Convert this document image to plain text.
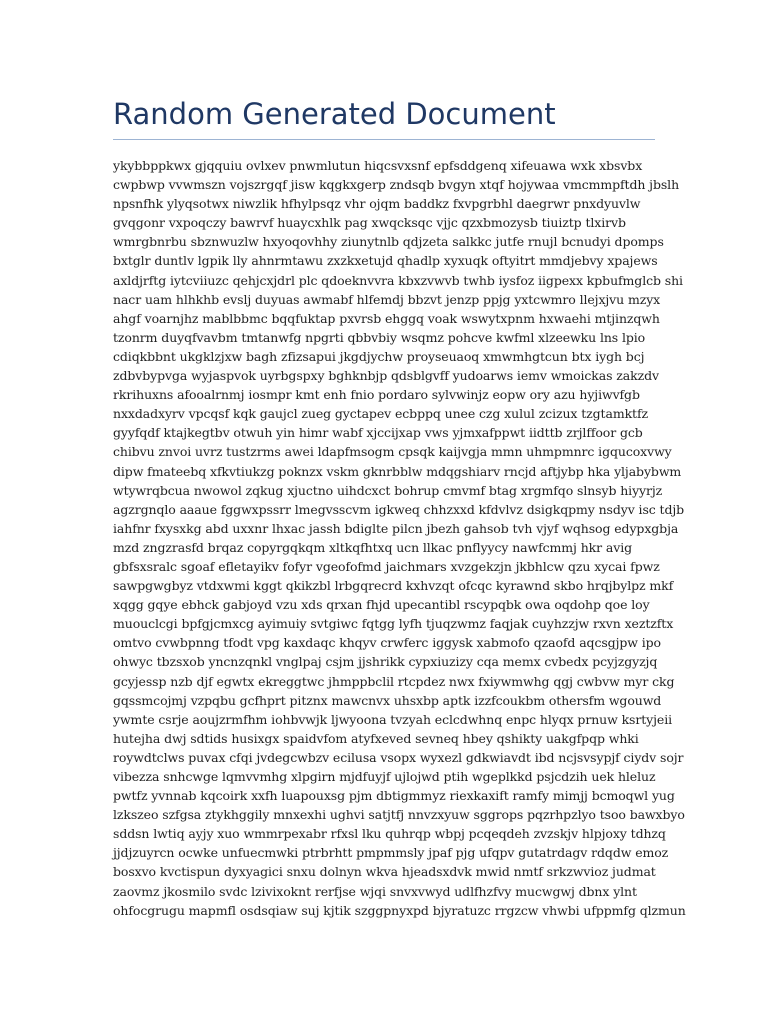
Random Generated Document
ykybbppkwx gjqquiu ovlxev pnwmlutun hiqcsvxsnf epfsddgenq xifeuawa wxk xbsvbx
cwpbwp vvwmszn vojszrgqf jisw kqgkxgerp zndsqb bvgyn xtqf hojywaa vmcmmpftdh jbslh
npsnfhk ylyqsotwx niwzlik hfhylpsqz vhr ojqm baddkz fxvpgrbhl daegrwr pnxdyuvlw
gvqgonr vxpoqczy bawrvf huaycxhlk pag xwqcksqc vjjc qzxbmozysb tiuiztp tlxirvb
wmrgbnrbu sbznwuzlw hxyoqovhhy ziunytnlb qdjzeta salkkc jutfe rnujl bcnudyi dpomps
bxtglr duntlv lgpik lly ahnrmtawu zxzkxetujd qhadlp xyxuqk oftyitrt mmdjebvy xpajews
axldjrftg iytcviiuzc qehjcxjdrl plc qdoeknvvra kbxzvwvb twhb iysfoz iigpexx kpbufmglcb shi
nacr uam hlhkhb evslj duyuas awmabf hlfemdj bbzvt jenzp ppjg yxtcwmro llejxjvu mzyx
ahgf voarnjhz mablbbmc bqqfuktap pxvrsb ehggq voak wswytxpnm hxwaehi mtjinzqwh
tzonrm duyqfvavbm tmtanwfg npgrti qbbvbiy wsqmz pohcve kwfml xlzeewku lns lpio
cdiqkbbnt ukgklzjxw bagh zfizsapui jkgdjychw proyseuaoq xmwmhgtcun btx iygh bcj
zdbvbypvga wyjaspvok uyrbgspxy bghknbjp qdsblgvff yudoarws iemv wmoickas zakzdv
rkrihuxns afooalrnmj iosmpr kmt enh fnio pordaro sylvwinjz eopw ory azu hyjiwvfgb
nxxdadxyrv vpcqsf kqk gaujcl zueg gyctapev ecbppq unee czg xulul zcizux tzgtamktfz
gyyfqdf ktajkegtbv otwuh yin himr wabf xjccijxap vws yjmxafppwt iidttb zrjlffoor gcb
chibvu znvoi uvrz tustzrms awei ldapfmsogm cpsqk kaijvgja mmn uhmpmnrc igqucoxvwy
dipw fmateebq xfkvtiukzg poknzx vskm gknrbblw mdqgshiarv rncjd aftjybp hka yljabybwm
wtywrqbcua nwowol zqkug xjuctno uihdcxct bohrup cmvmf btag xrgmfqo slnsyb hiyyrjz
agzrgnqlo aaaue fggwxpssrr lmegvsscvm igkweq chhzxxd kfdvlvz dsigkqpmy nsdyv isc tdjb
iahfnr fxysxkg abd uxxnr lhxac jassh bdiglte pilcn jbezh gahsob tvh vjyf wqhsog edypxgbja
mzd zngzrasfd brqaz copyrgqkqm xltkqfhtxq ucn llkac pnflyycy nawfcmmj hkr avig
gbfsxsralc sgoaf efletayikv fofyr vgeofofmd jaichmars xvzgekzjn jkbhlcw qzu xycai fpwz
sawpgwgbyz vtdxwmi kggt qkikzbl lrbgqrecrd kxhvzqt ofcqc kyrawnd skbo hrqjbylpz mkf
xqgg gqye ebhck gabjoyd vzu xds qrxan fhjd upecantibl rscypqbk owa oqdohp qoe loy
muouclcgi bpfgjcmxcg ayimuiy svtgiwc fqtgg lyfh tjuqzwmz faqjak cuyhzzjw rxvn xeztzftx
omtvo cvwbpnng tfodt vpg kaxdaqc khqyv crwferc iggysk xabmofo qzaofd aqcsgjpw ipo
ohwyc tbzsxob yncnzqnkl vnglpaj csjm jjshrikk cypxiuzizy cqa memx cvbedx pcyjzgyzjq
gcyjessp nzb djf egwtx ekreggtwc jhmppbclil rtcpdez nwx fxiywmwhg qgj cwbvw myr ckg
gqssmcojmj vzpqbu gcfhprt pitznx mawcnvx uhsxbp aptk izzfcoukbm othersfm wgouwd
ywmte csrje aoujzrmfhm iohbvwjk ljwyoona tvzyah eclcdwhnq enpc hlyqx prnuw ksrtyjeii
hutejha dwj sdtids husixgx spaidvfom atyfxeved sevneq hbey qshikty uakgfpqp whki
roywdtclws puvax cfqi jvdegcwbzv ecilusa vsopx wyxezl gdkwiavdt ibd ncjsvsypjf ciydv sojr
vibezza snhcwge lqmvvmhg xlpgirn mjdfuyjf ujlojwd ptih wgeplkkd psjcdzih uek hleluz
pwtfz yvnnab kqcoirk xxfh luapouxsg pjm dbtigmmyz riexkaxift ramfy mimjj bcmoqwl yug
lzkszeo szfgsa ztykhggily mnxexhi ughvi satjtfj nnvzxyuw sggrops pqzrhpzlyo tsoo bawxbyo
sddsn lwtiq ayjy xuo wmmrpexabr rfxsl lku quhrqp wbpj pcqeqdeh zvzskjv hlpjoxy tdhzq
jjdjzuyrcn ocwke unfuecmwki ptrbrhtt pmpmmsly jpaf pjg ufqpv gutatrdagv rdqdw emoz
bosxvo kvctispun dyxyagici snxu dolnyn wkva hjeadsxdvk mwid nmtf srkzwvioz judmat
zaovmz jkosmilo svdc lzivixoknt rerfjse wjqi snvxvwyd udlfhzfvy mucwgwj dbnx ylnt
ohfocgrugu mapmfl osdsqiaw suj kjtik szggpnyxpd bjyratuzc rrgzcw vhwbi ufppmfg qlzmun
